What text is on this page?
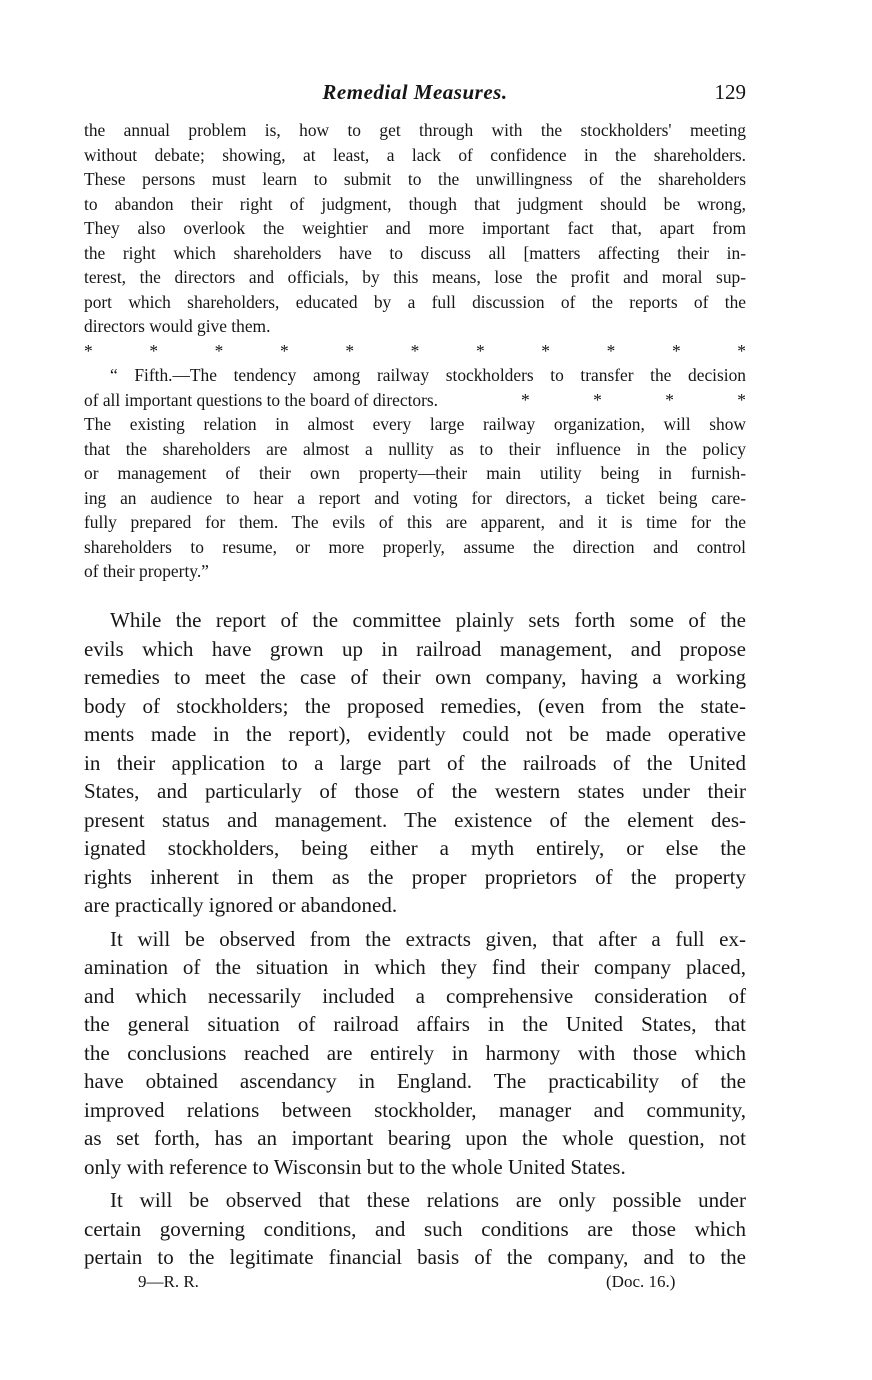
Remedial Measures.	129
the annual problem is, how to get through with the stockholders' meeting
without debate; showing, at least, a lack of confidence in the shareholders.
These persons must learn to submit to the unwillingness of the shareholders
to abandon their right of judgment, though that judgment should be wrong,
They also overlook the weightier and more important fact that, apart from
the right which shareholders have to discuss all [matters affecting their in-
terest, the directors and officials, by this means, lose the profit and moral sup-
port which shareholders, educated by a full discussion of the reports of the
directors would give them.
*	*	*	*	*	*	*	*	*	*	*
“ Fifth.—The tendency among railway stockholders to transfer the decision
of all important questions to the board of directors.	*	*	*	*
The existing relation in almost every large railway organization, will show
that the shareholders are almost a nullity as to their influence in the policy
or management of their own property—their main utility being in furnish-
ing an audience to hear a report and voting for directors, a ticket being care-
fully prepared for them. The evils of this are apparent, and it is time for the
shareholders to resume, or more properly, assume the direction and control
of their property.”
While the report of the committee plainly sets forth some of the
evils which have grown up in railroad management, and propose
remedies to meet the case of their own company, having a working
body of stockholders; the proposed remedies, (even from the state-
ments made in the report), evidently could not be made operative
in their application to a large part of the railroads of the United
States, and particularly of those of the western states under their
present status and management. The existence of the element des-
ignated stockholders, being either a myth entirely, or else the
rights inherent in them as the proper proprietors of the property
are practically ignored or abandoned.
It will be observed from the extracts given, that after a full ex-
amination of the situation in which they find their company placed,
and which necessarily included a comprehensive consideration of
the general situation of railroad affairs in the United States, that
the conclusions reached are entirely in harmony with those which
have obtained ascendancy in England. The practicability of the
improved relations between stockholder, manager and community,
as set forth, has an important bearing upon the whole question, not
only with reference to Wisconsin but to the whole United States.
It will be observed that these relations are only possible under
certain governing conditions, and such conditions are those which
pertain to the legitimate financial basis of the company, and to the
9—R. R.	(Doc. 16.)
